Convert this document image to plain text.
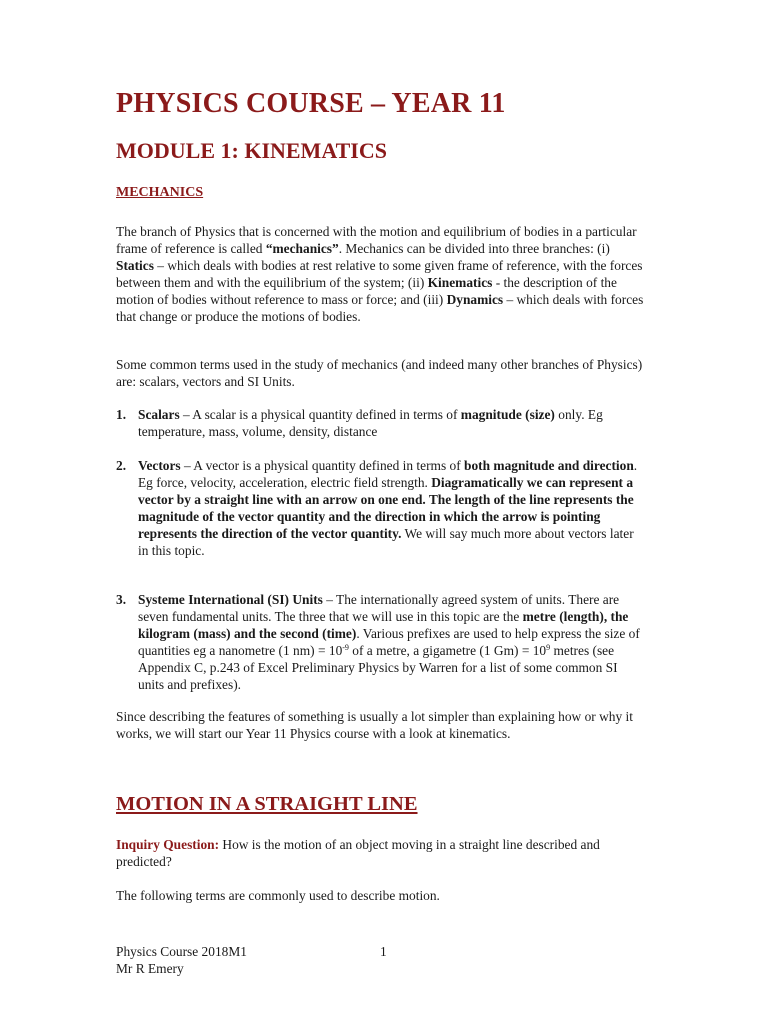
PHYSICS COURSE – YEAR 11
MODULE 1: KINEMATICS
MECHANICS

The branch of Physics that is concerned with the motion and equilibrium of bodies in a particular frame of reference is called “mechanics”. Mechanics can be divided into three branches: (i) Statics – which deals with bodies at rest relative to some given frame of reference, with the forces between them and with the equilibrium of the system; (ii) Kinematics - the description of the motion of bodies without reference to mass or force; and (iii) Dynamics – which deals with forces that change or produce the motions of bodies.

Some common terms used in the study of mechanics (and indeed many other branches of Physics) are: scalars, vectors and SI Units.

1. Scalars – A scalar is a physical quantity defined in terms of magnitude (size) only. Eg temperature, mass, volume, density, distance
2. Vectors – A vector is a physical quantity defined in terms of both magnitude and direction. Eg force, velocity, acceleration, electric field strength. Diagramatically we can represent a vector by a straight line with an arrow on one end. The length of the line represents the magnitude of the vector quantity and the direction in which the arrow is pointing represents the direction of the vector quantity. We will say much more about vectors later in this topic.
3. Systeme International (SI) Units – The internationally agreed system of units. There are seven fundamental units. The three that we will use in this topic are the metre (length), the kilogram (mass) and the second (time). Various prefixes are used to help express the size of quantities eg a nanometre (1 $nm) = 10^{-9}$ of a metre, a gigametre (1 $Gm) = 10^9$ metres (see Appendix C, p.243 of Excel Preliminary Physics by Warren for a list of some common SI units and prefixes).

Since describing the features of something is usually a lot simpler than explaining how or why it works, we will start our Year 11 Physics course with a look at kinematics.

MOTION IN A STRAIGHT LINE

Inquiry Question: How is the motion of an object moving in a straight line described and predicted?

The following terms are commonly used to describe motion.

Physics Course 2018M1
Mr R Emery
1
